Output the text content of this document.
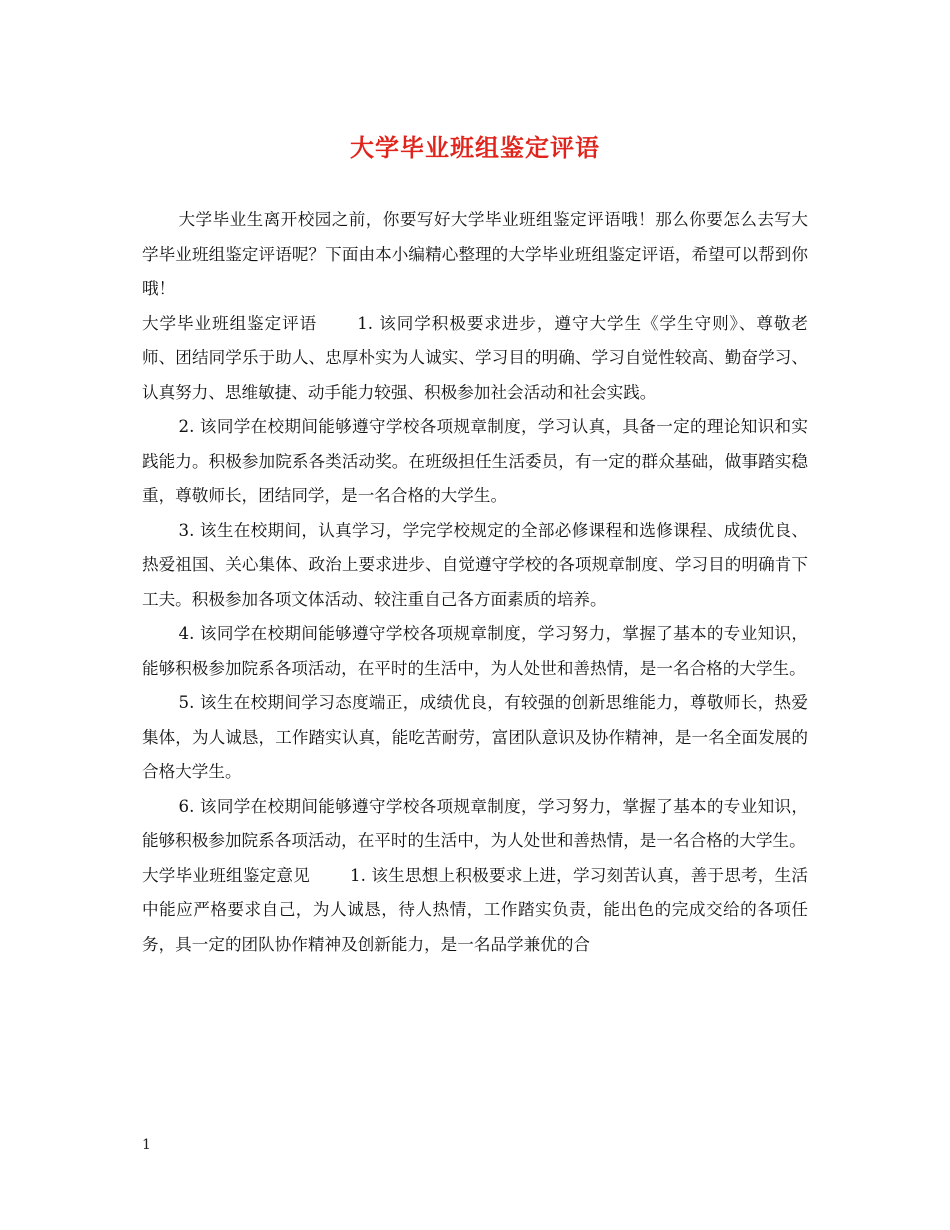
大学毕业班组鉴定评语

大学毕业生离开校园之前，你要写好大学毕业班组鉴定评语哦！那么你要怎么去写大学毕业班组鉴定评语呢？下面由本小编精心整理的大学毕业班组鉴定评语，希望可以帮到你哦！

大学毕业班组鉴定评语 1. 该同学积极要求进步，遵守大学生《学生守则》、尊敬老师、团结同学乐于助人、忠厚朴实为人诚实、学习目的明确、学习自觉性较高、勤奋学习、认真努力、思维敏捷、动手能力较强、积极参加社会活动和社会实践。

2. 该同学在校期间能够遵守学校各项规章制度，学习认真，具备一定的理论知识和实践能力。积极参加院系各类活动奖。在班级担任生活委员，有一定的群众基础，做事踏实稳重，尊敬师长，团结同学，是一名合格的大学生。

3. 该生在校期间，认真学习，学完学校规定的全部必修课程和选修课程、成绩优良、热爱祖国、关心集体、政治上要求进步、自觉遵守学校的各项规章制度、学习目的明确肯下工夫。积极参加各项文体活动、较注重自己各方面素质的培养。

4. 该同学在校期间能够遵守学校各项规章制度，学习努力，掌握了基本的专业知识，能够积极参加院系各项活动，在平时的生活中，为人处世和善热情，是一名合格的大学生。

5. 该生在校期间学习态度端正，成绩优良，有较强的创新思维能力，尊敬师长，热爱集体，为人诚恳，工作踏实认真，能吃苦耐劳，富团队意识及协作精神，是一名全面发展的合格大学生。

6. 该同学在校期间能够遵守学校各项规章制度，学习努力，掌握了基本的专业知识，能够积极参加院系各项活动，在平时的生活中，为人处世和善热情，是一名合格的大学生。

大学毕业班组鉴定意见 1. 该生思想上积极要求上进，学习刻苦认真，善于思考，生活中能应严格要求自己，为人诚恳，待人热情，工作踏实负责，能出色的完成交给的各项任务，具一定的团队协作精神及创新能力，是一名品学兼优的合

1
